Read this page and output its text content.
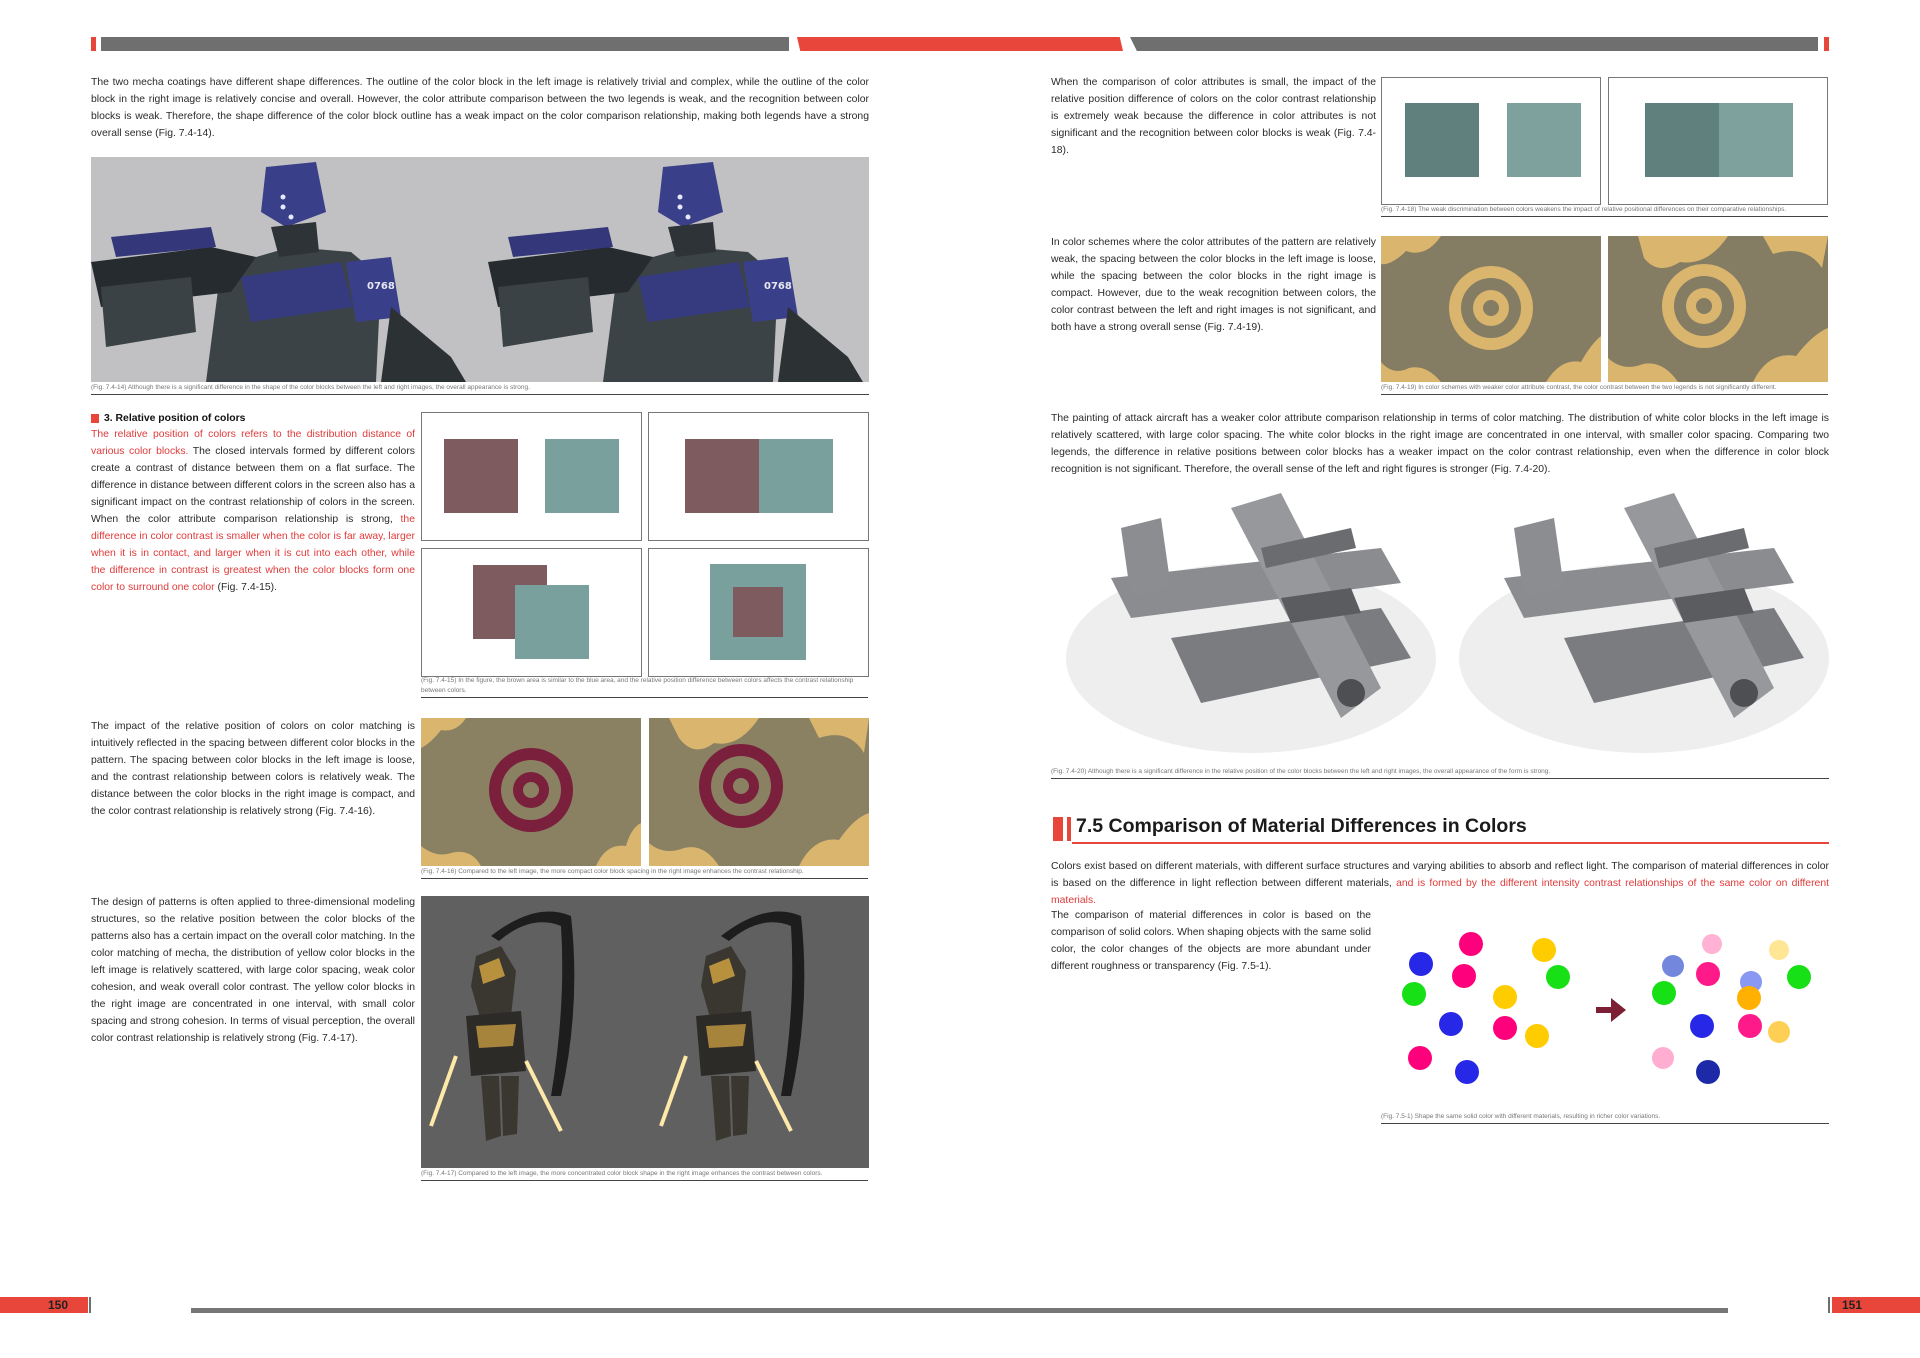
The two mecha coatings have different shape differences. The outline of the color block in the left image is relatively trivial and complex, while the outline of the color block in the right image is relatively concise and overall. However, the color attribute comparison between the two legends is weak, and the recognition between color blocks is weak. Therefore, the shape difference of the color block outline has a weak impact on the color comparison relationship, making both legends have a strong overall sense (Fig. 7.4-14).

0768	0768
(Fig. 7.4-14) Although there is a significant difference in the shape of the color blocks between the left and right images, the overall appearance is strong.
3. Relative position of colors

The relative position of colors refers to the distribution distance of various color blocks. The closed intervals formed by different colors create a contrast of distance between them on a flat surface. The difference in distance between different colors in the screen also has a significant impact on the contrast relationship of colors in the screen. When the color attribute comparison relationship is strong, the difference in color contrast is smaller when the color is far away, larger when it is in contact, and larger when it is cut into each other, while the difference in contrast is greatest when the color blocks form one color to surround one color (Fig. 7.4-15).

(Fig. 7.4-15) In the figure, the brown area is similar to the blue area, and the relative position difference between colors affects the contrast relationship between colors.

The impact of the relative position of colors on color matching is intuitively reflected in the spacing between different color blocks in the pattern. The spacing between color blocks in the left image is loose, and the contrast relationship between colors is relatively weak. The distance between the color blocks in the right image is compact, and the color contrast relationship is relatively strong (Fig. 7.4-16).

(Fig. 7.4-16) Compared to the left image, the more compact color block spacing in the right image enhances the contrast relationship.

The design of patterns is often applied to three-dimensional modeling structures, so the relative position between the color blocks of the patterns also has a certain impact on the overall color matching. In the color matching of mecha, the distribution of yellow color blocks in the left image is relatively scattered, with large color spacing, weak color cohesion, and weak overall color contrast. The yellow color blocks in the right image are concentrated in one interval, with small color spacing and strong cohesion. In terms of visual perception, the overall color contrast relationship is relatively strong (Fig. 7.4-17).

(Fig. 7.4-17) Compared to the left image, the more concentrated color block shape in the right image enhances the contrast between colors.

When the comparison of color attributes is small, the impact of the relative position difference of colors on the color contrast relationship is extremely weak because the difference in color attributes is not significant and the recognition between color blocks is weak (Fig. 7.4-18).

(Fig. 7.4-18) The weak discrimination between colors weakens the impact of relative positional differences on their comparative relationships.

In color schemes where the color attributes of the pattern are relatively weak, the spacing between the color blocks in the left image is loose, while the spacing between the color blocks in the right image is compact. However, due to the weak recognition between colors, the color contrast between the left and right images is not significant, and both have a strong overall sense (Fig. 7.4-19).

(Fig. 7.4-19) In color schemes with weaker color attribute contrast, the color contrast between the two legends is not significantly different.

The painting of attack aircraft has a weaker color attribute comparison relationship in terms of color matching. The distribution of white color blocks in the left image is relatively scattered, with large color spacing. The white color blocks in the right image are concentrated in one interval, with smaller color spacing. Comparing two legends, the difference in relative positions between color blocks has a weaker impact on the color contrast relationship, even when the difference in color block recognition is not significant. Therefore, the overall sense of the left and right figures is stronger (Fig. 7.4-20).

(Fig. 7.4-20) Although there is a significant difference in the relative position of the color blocks between the left and right images, the overall appearance of the form is strong.
7.5 Comparison of Material Differences in Colors

Colors exist based on different materials, with different surface structures and varying abilities to absorb and reflect light. The comparison of material differences in color is based on the difference in light reflection between different materials, and is formed by the different intensity contrast relationships of the same color on different materials.

The comparison of material differences in color is based on the comparison of solid colors. When shaping objects with the same solid color, the color changes of the objects are more abundant under different roughness or transparency (Fig. 7.5-1).

(Fig. 7.5-1) Shape the same solid color with different materials, resulting in richer color variations.
150	151
